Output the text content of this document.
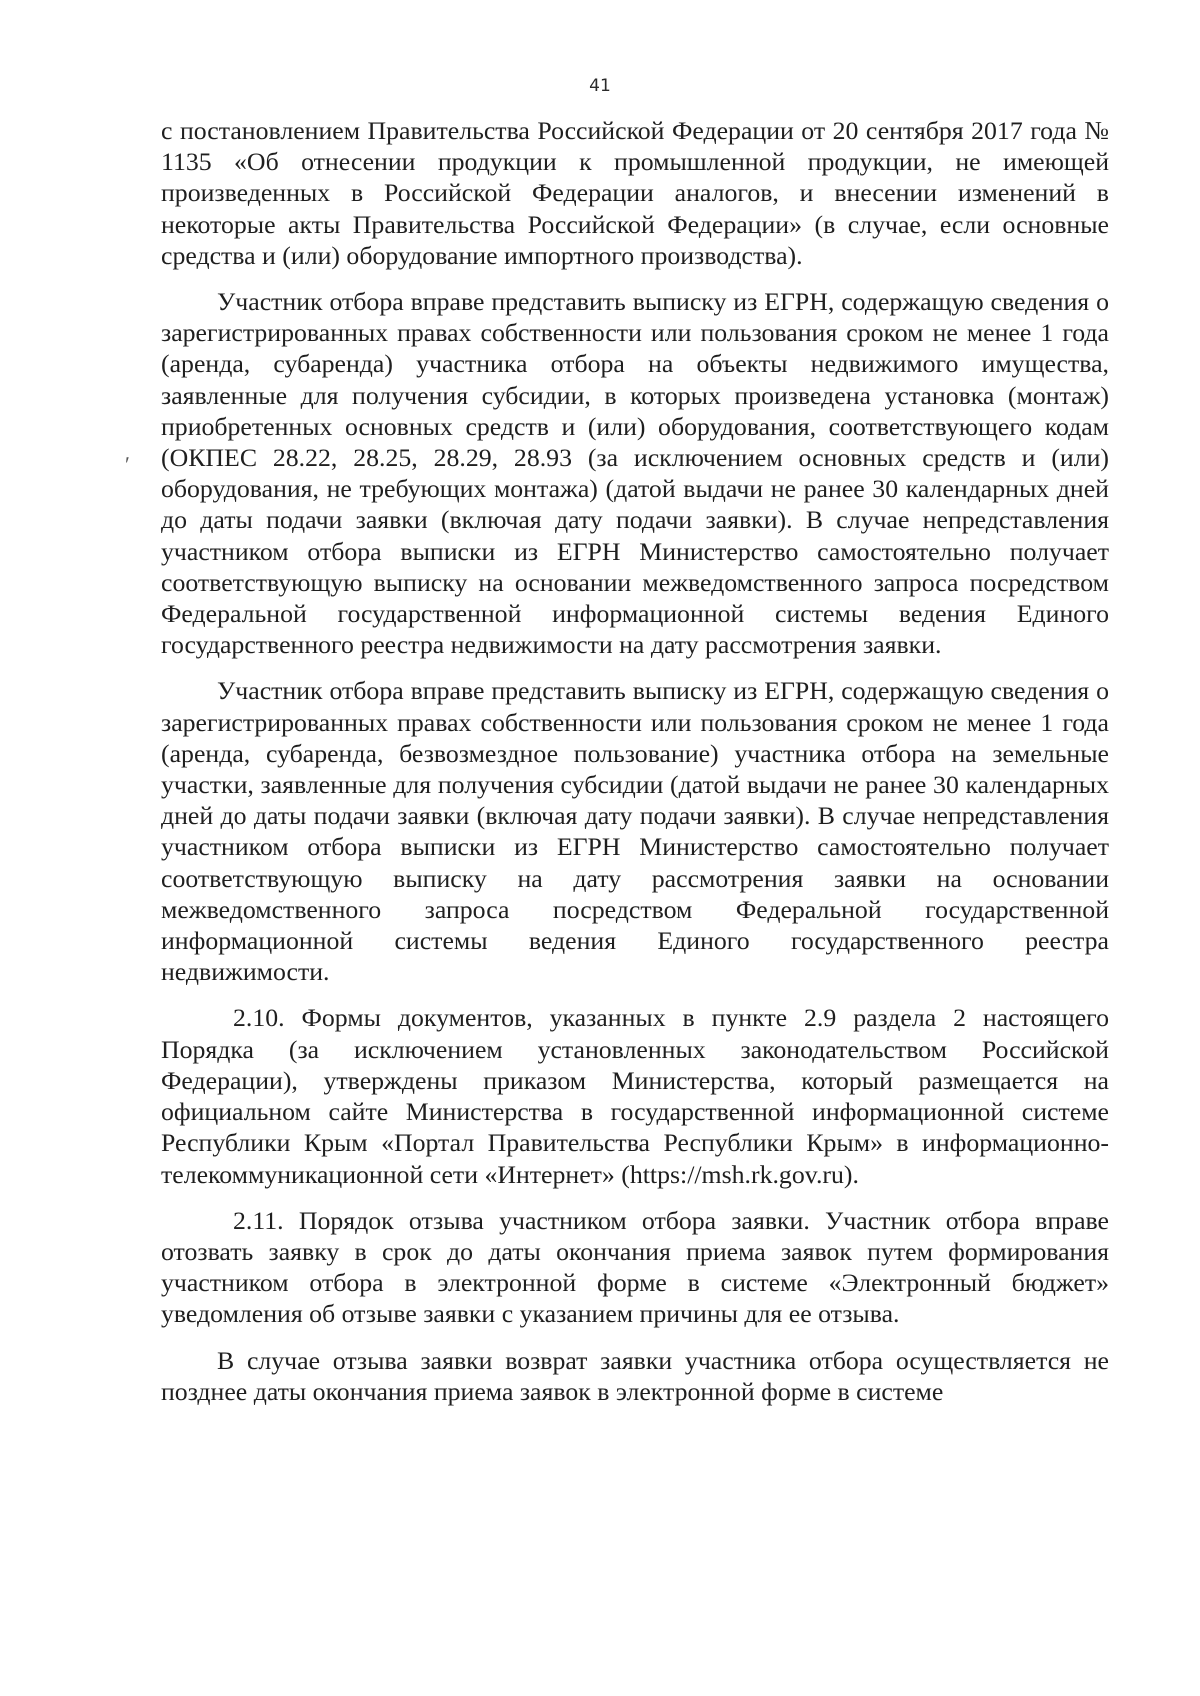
41
ʹ

с постановлением Правительства Российской Федерации от 20 сентября 2017 года № 1135 «Об отнесении продукции к промышленной продукции, не имеющей произведенных в Российской Федерации аналогов, и внесении изменений в некоторые акты Правительства Российской Федерации» (в случае, если основные средства и (или) оборудование импортного производства).

Участник отбора вправе представить выписку из ЕГРН, содержащую сведения о зарегистрированных правах собственности или пользования сроком не менее 1 года (аренда, субаренда) участника отбора на объекты недвижимого имущества, заявленные для получения субсидии, в которых произведена установка (монтаж) приобретенных основных средств и (или) оборудования, соответствующего кодам (ОКПЕС 28.22, 28.25, 28.29, 28.93 (за исключением основных средств и (или) оборудования, не требующих монтажа) (датой выдачи не ранее 30 календарных дней до даты подачи заявки (включая дату подачи заявки). В случае непредставления участником отбора выписки из ЕГРН Министерство самостоятельно получает соответствующую выписку на основании межведомственного запроса посредством Федеральной государственной информационной системы ведения Единого государственного реестра недвижимости на дату рассмотрения заявки.

Участник отбора вправе представить выписку из ЕГРН, содержащую сведения о зарегистрированных правах собственности или пользования сроком не менее 1 года (аренда, субаренда, безвозмездное пользование) участника отбора на земельные участки, заявленные для получения субсидии (датой выдачи не ранее 30 календарных дней до даты подачи заявки (включая дату подачи заявки). В случае непредставления участником отбора выписки из ЕГРН Министерство самостоятельно получает соответствующую выписку на дату рассмотрения заявки на основании межведомственного запроса посредством Федеральной государственной информационной системы ведения Единого государственного реестра недвижимости.

2.10. Формы документов, указанных в пункте 2.9 раздела 2 настоящего Порядка (за исключением установленных законодательством Российской Федерации), утверждены приказом Министерства, который размещается на официальном сайте Министерства в государственной информационной системе Республики Крым «Портал Правительства Республики Крым» в информационно-телекоммуникационной сети «Интернет» (https://msh.rk.gov.ru).

2.11. Порядок отзыва участником отбора заявки. Участник отбора вправе отозвать заявку в срок до даты окончания приема заявок путем формирования участником отбора в электронной форме в системе «Электронный бюджет» уведомления об отзыве заявки с указанием причины для ее отзыва.

В случае отзыва заявки возврат заявки участника отбора осуществляется не позднее даты окончания приема заявок в электронной форме в системе
